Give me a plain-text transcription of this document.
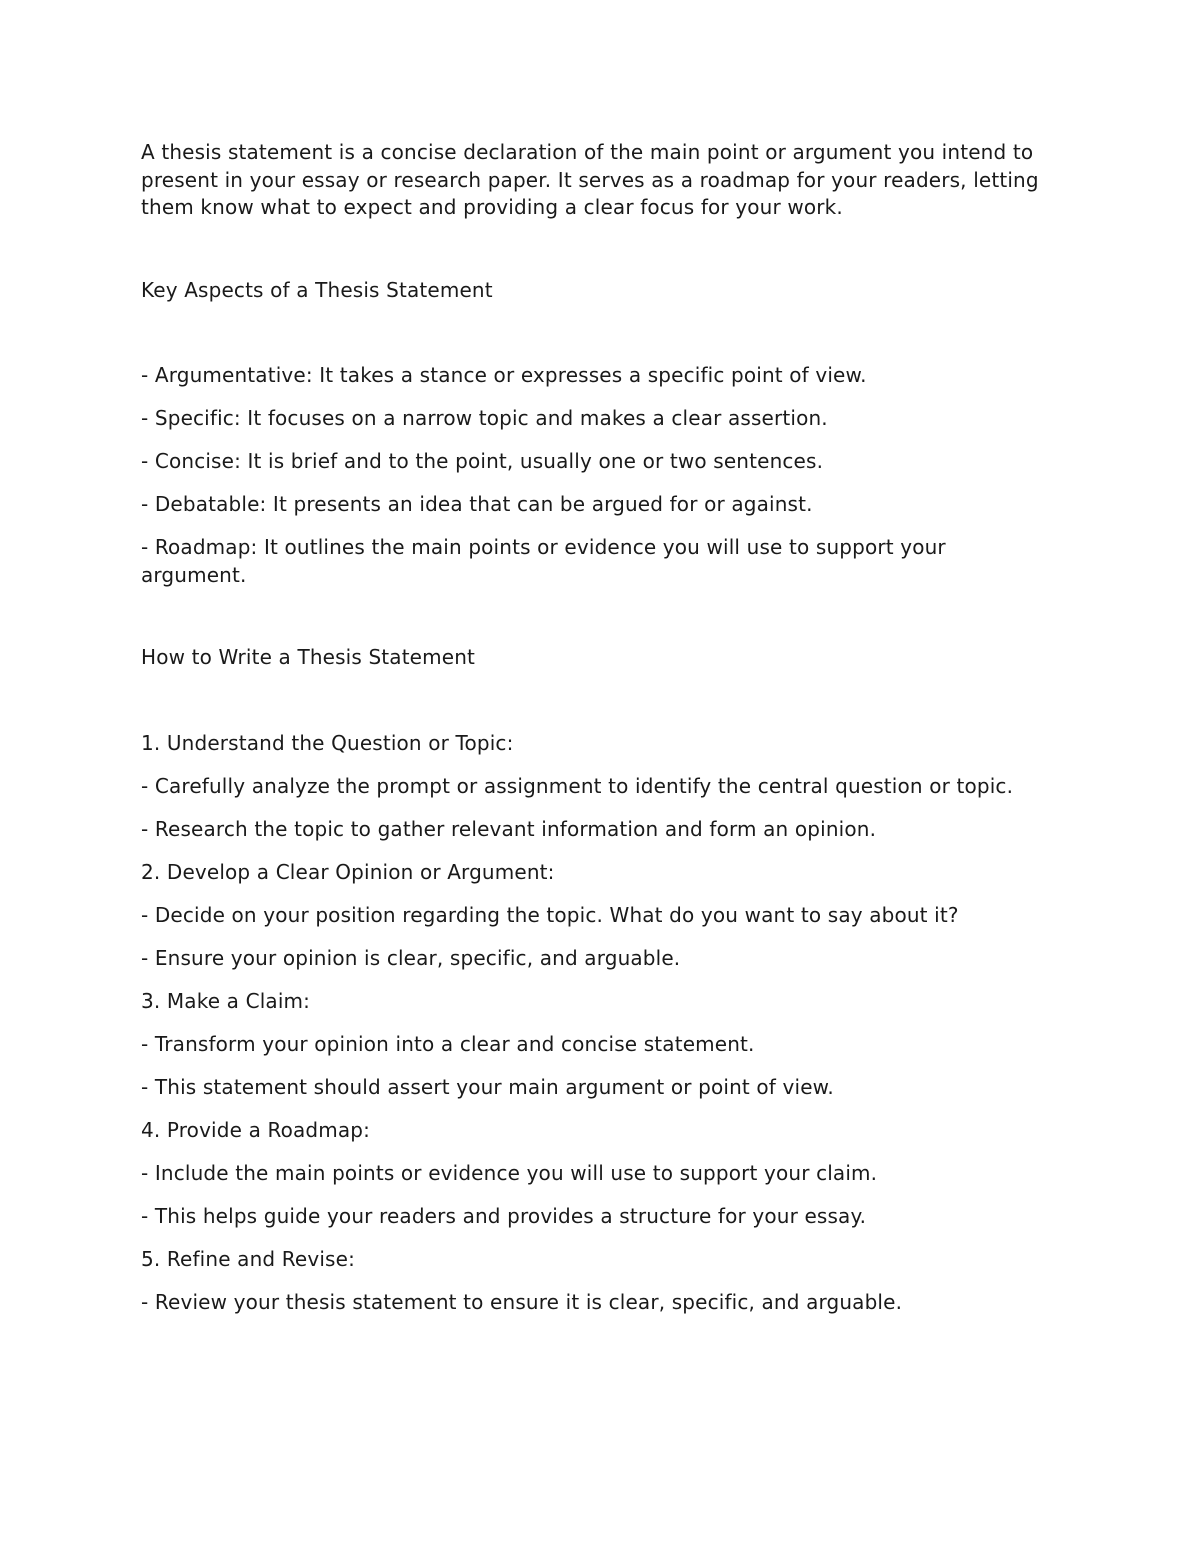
A thesis statement is a concise declaration of the main point or argument you intend to present in your essay or research paper. It serves as a roadmap for your readers, letting them know what to expect and providing a clear focus for your work.

Key Aspects of a Thesis Statement
- Argumentative: It takes a stance or expresses a specific point of view.
- Specific: It focuses on a narrow topic and makes a clear assertion.
- Concise: It is brief and to the point, usually one or two sentences.
- Debatable: It presents an idea that can be argued for or against.
- Roadmap: It outlines the main points or evidence you will use to support your argument.
How to Write a Thesis Statement
1. Understand the Question or Topic:
- Carefully analyze the prompt or assignment to identify the central question or topic.
- Research the topic to gather relevant information and form an opinion.
2. Develop a Clear Opinion or Argument:
- Decide on your position regarding the topic. What do you want to say about it?
- Ensure your opinion is clear, specific, and arguable.
3. Make a Claim:
- Transform your opinion into a clear and concise statement.
- This statement should assert your main argument or point of view.
4. Provide a Roadmap:
- Include the main points or evidence you will use to support your claim.
- This helps guide your readers and provides a structure for your essay.
5. Refine and Revise:
- Review your thesis statement to ensure it is clear, specific, and arguable.
